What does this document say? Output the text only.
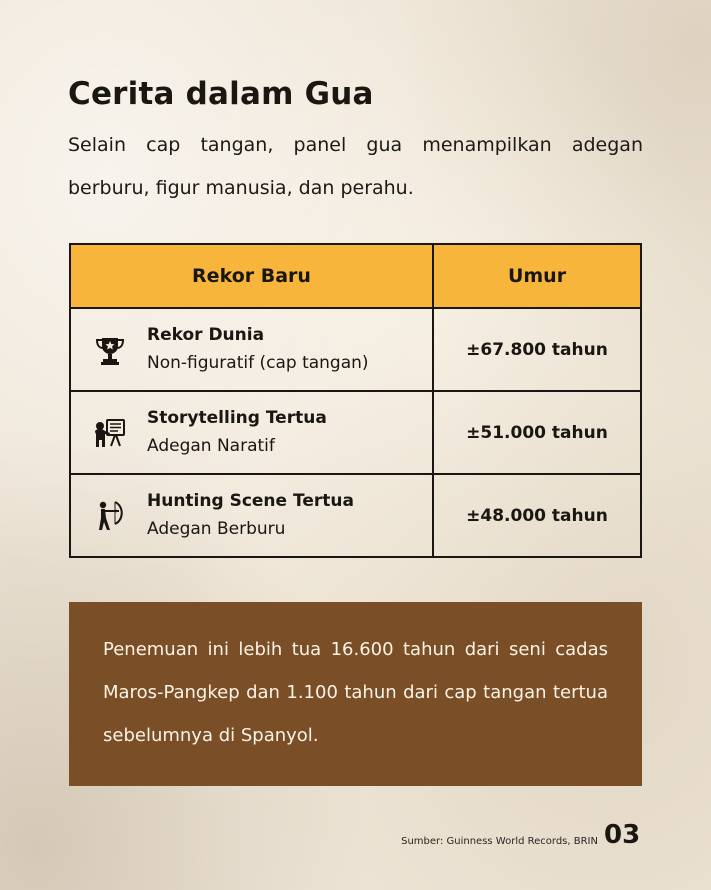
Cerita dalam Gua

Selain cap tangan, panel gua menampilkan adegan berburu, figur manusia, dan perahu.

Rekor Baru	Umur

Rekor Dunia
Non-figuratif (cap tangan)	±67.800 tahun

Storytelling Tertua
Adegan Naratif	±51.000 tahun

Hunting Scene Tertua
Adegan Berburu	±48.000 tahun

Penemuan ini lebih tua 16.600 tahun dari seni cadas Maros-Pangkep dan 1.100 tahun dari cap tangan tertua sebelumnya di Spanyol.

Sumber: Guinness World Records, BRIN 03
